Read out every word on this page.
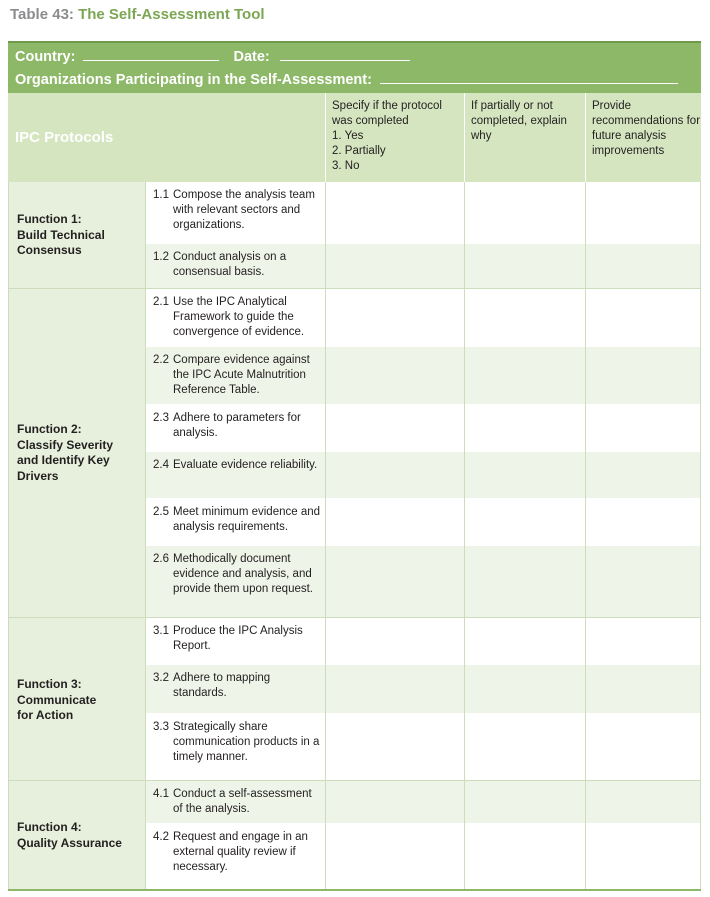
Table 43: The Self-Assessment Tool
Country:	Date:
Organizations Participating in the Self-Assessment:
IPC Protocols
Specify if the protocol was completed
1. Yes
2. Partially
3. No
If partially or not completed, explain why
Provide recommendations for future analysis improvements
Function 1:
Build Technical
Consensus
Function 2:
Classify Severity
and Identify Key
Drivers
Function 3:
Communicate
for Action
Function 4:
Quality Assurance
1.1 Compose the analysis team with relevant sectors and organizations.
1.2 Conduct analysis on a consensual basis.
2.1 Use the IPC Analytical Framework to guide the convergence of evidence.
2.2 Compare evidence against the IPC Acute Malnutrition Reference Table.
2.3 Adhere to parameters for analysis.
2.4 Evaluate evidence reliability.
2.5 Meet minimum evidence and analysis requirements.
2.6 Methodically document evidence and analysis, and provide them upon request.
3.1 Produce the IPC Analysis Report.
3.2 Adhere to mapping standards.
3.3 Strategically share communication products in a timely manner.
4.1 Conduct a self-assessment of the analysis.
4.2 Request and engage in an external quality review if necessary.
